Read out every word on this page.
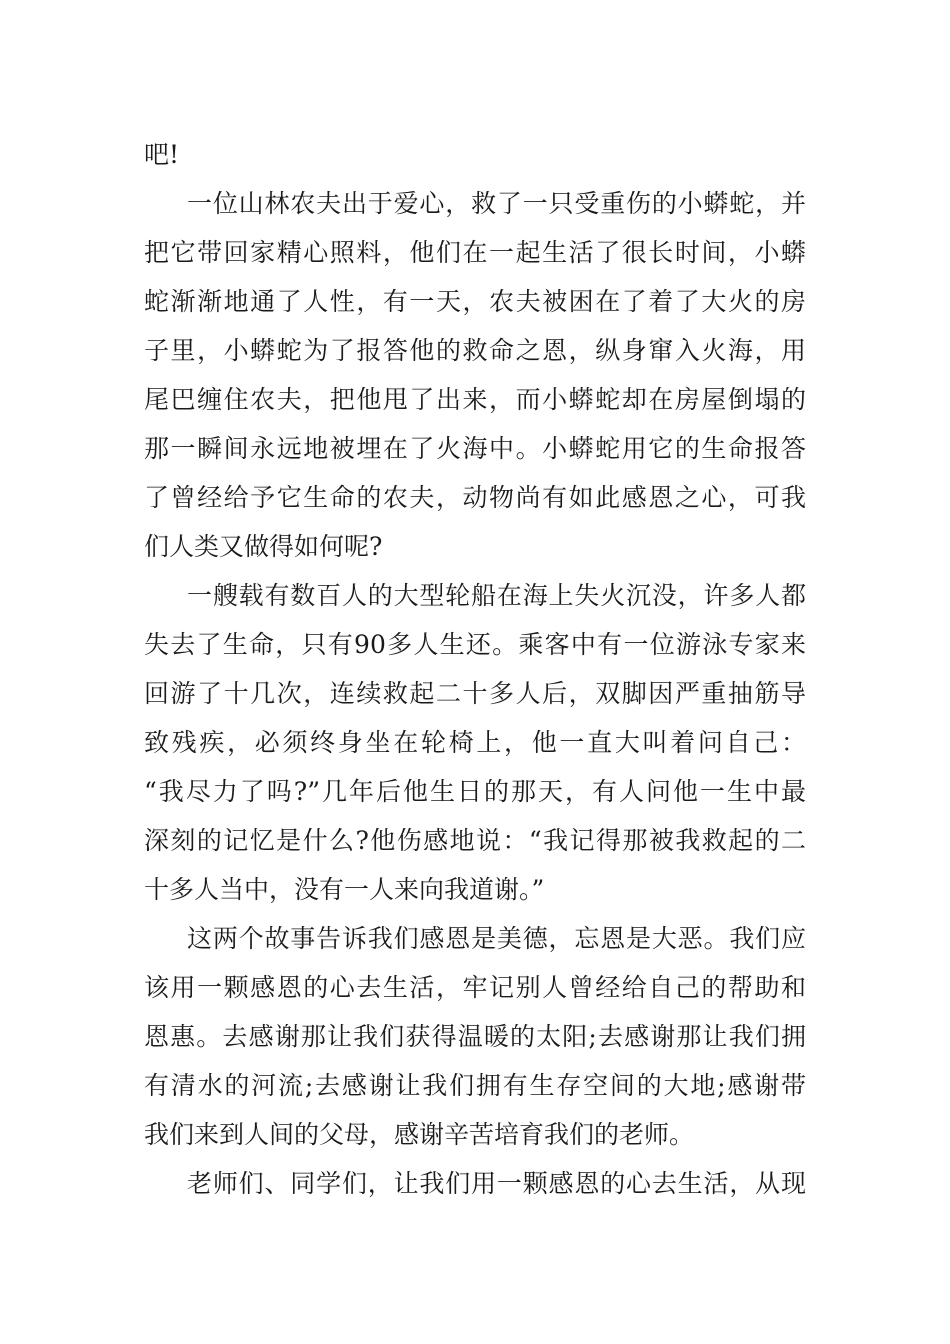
吧!
一位山林农夫出于爱心，救了一只受重伤的小蟒蛇，并
把它带回家精心照料，他们在一起生活了很长时间，小蟒
蛇渐渐地通了人性，有一天，农夫被困在了着了大火的房
子里，小蟒蛇为了报答他的救命之恩，纵身窜入火海，用
尾巴缠住农夫，把他甩了出来，而小蟒蛇却在房屋倒塌的
那一瞬间永远地被埋在了火海中。小蟒蛇用它的生命报答
了曾经给予它生命的农夫，动物尚有如此感恩之心，可我
们人类又做得如何呢?
一艘载有数百人的大型轮船在海上失火沉没，许多人都
失去了生命，只有90多人生还。乘客中有一位游泳专家来
回游了十几次，连续救起二十多人后，双脚因严重抽筋导
致残疾，必须终身坐在轮椅上，他一直大叫着问自己：
“我尽力了吗?”几年后他生日的那天，有人问他一生中最
深刻的记忆是什么?他伤感地说：“我记得那被我救起的二
十多人当中，没有一人来向我道谢。”
这两个故事告诉我们感恩是美德，忘恩是大恶。我们应
该用一颗感恩的心去生活，牢记别人曾经给自己的帮助和
恩惠。去感谢那让我们获得温暖的太阳;去感谢那让我们拥
有清水的河流;去感谢让我们拥有生存空间的大地;感谢带
我们来到人间的父母，感谢辛苦培育我们的老师。
老师们、同学们，让我们用一颗感恩的心去生活，从现
